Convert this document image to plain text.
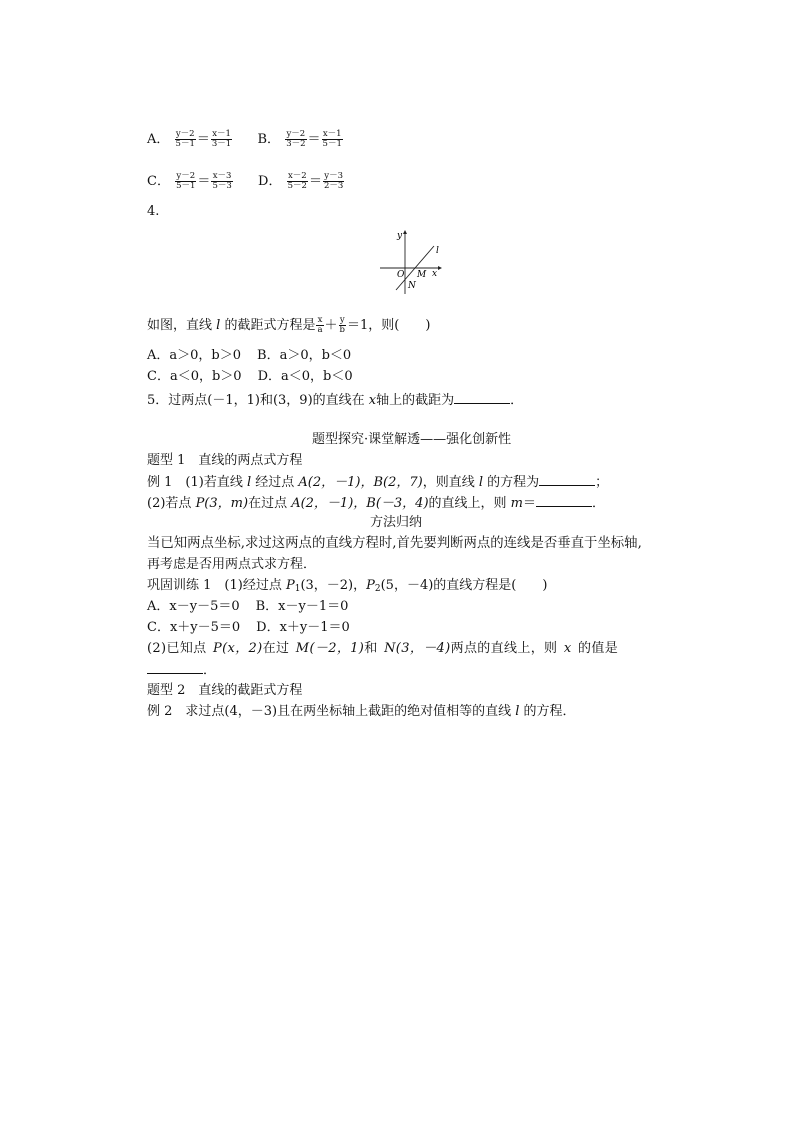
A． $\frac{y-2}{5-1} = \frac{x-1}{3-1}$ B． $\frac{y-2}{3-2} = \frac{x-1}{5-1}$
C． $\frac{y-2}{5-1} = \frac{x-3}{5-3}$ D． $\frac{x-2}{5-2} = \frac{y-3}{2-3}$
4.
y
x
l
O M
N
如图，直线 l 的截距式方程是 $\frac{x}{a} + \frac{y}{b} =1$，则(　　)
A．a＞0，b＞0 B．a＞0，b＜0
C．a＜0，b＞0 D．a＜0，b＜0
5．过两点(－1，1)和(3，9)的直线在 x轴上的截距为	．
题型探究·课堂解透——强化创新性
题型 1　直线的两点式方程
例 1　(1)若直线 l 经过点 A(2，－1)，B(2，7)，则直线 l 的方程为	；
(2)若点 P(3，m)在过点 A(2，－1)，B(－3，4)的直线上，则 m＝	．
方法归纳
当已知两点坐标,求过这两点的直线方程时,首先要判断两点的连线是否垂直于坐标轴,
再考虑是否用两点式求方程．
巩固训练 1　(1)经过点 $P_1(3$，－2)，$P_2(5$，－4)的直线方程是(　　)
A．x－y－5＝0 B．x－y－1＝0
C．x＋y－5＝0 D．x＋y－1＝0
(2)已知点 P(x，2)在过 M(－2，1)和 N(3，－4)两点的直线上，则 x 的值是
．
题型 2　直线的截距式方程
例 2　求过点(4，－3)且在两坐标轴上截距的绝对值相等的直线 l 的方程．
